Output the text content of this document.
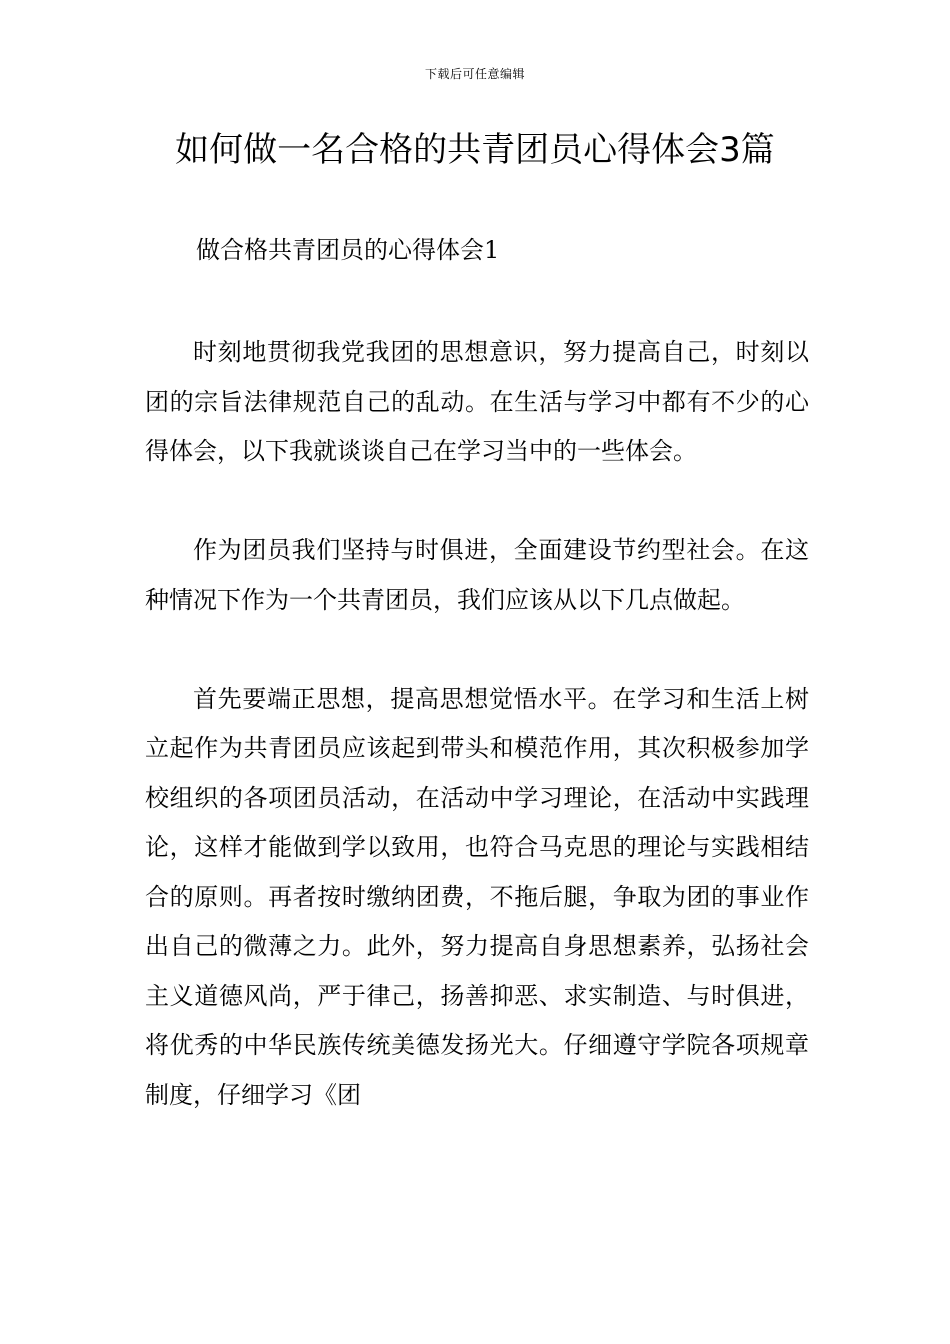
下载后可任意编辑
如何做一名合格的共青团员心得体会3篇
做合格共青团员的心得体会1

时刻地贯彻我党我团的思想意识，努力提高自己，时刻以团的宗旨法律规范自己的乱动。在生活与学习中都有不少的心得体会，以下我就谈谈自己在学习当中的一些体会。

作为团员我们坚持与时俱进，全面建设节约型社会。在这种情况下作为一个共青团员，我们应该从以下几点做起。

首先要端正思想，提高思想觉悟水平。在学习和生活上树立起作为共青团员应该起到带头和模范作用，其次积极参加学校组织的各项团员活动，在活动中学习理论，在活动中实践理论，这样才能做到学以致用，也符合马克思的理论与实践相结合的原则。再者按时缴纳团费，不拖后腿，争取为团的事业作出自己的微薄之力。此外，努力提高自身思想素养，弘扬社会主义道德风尚，严于律己，扬善抑恶、求实制造、与时俱进，将优秀的中华民族传统美德发扬光大。仔细遵守学院各项规章制度，仔细学习《团
